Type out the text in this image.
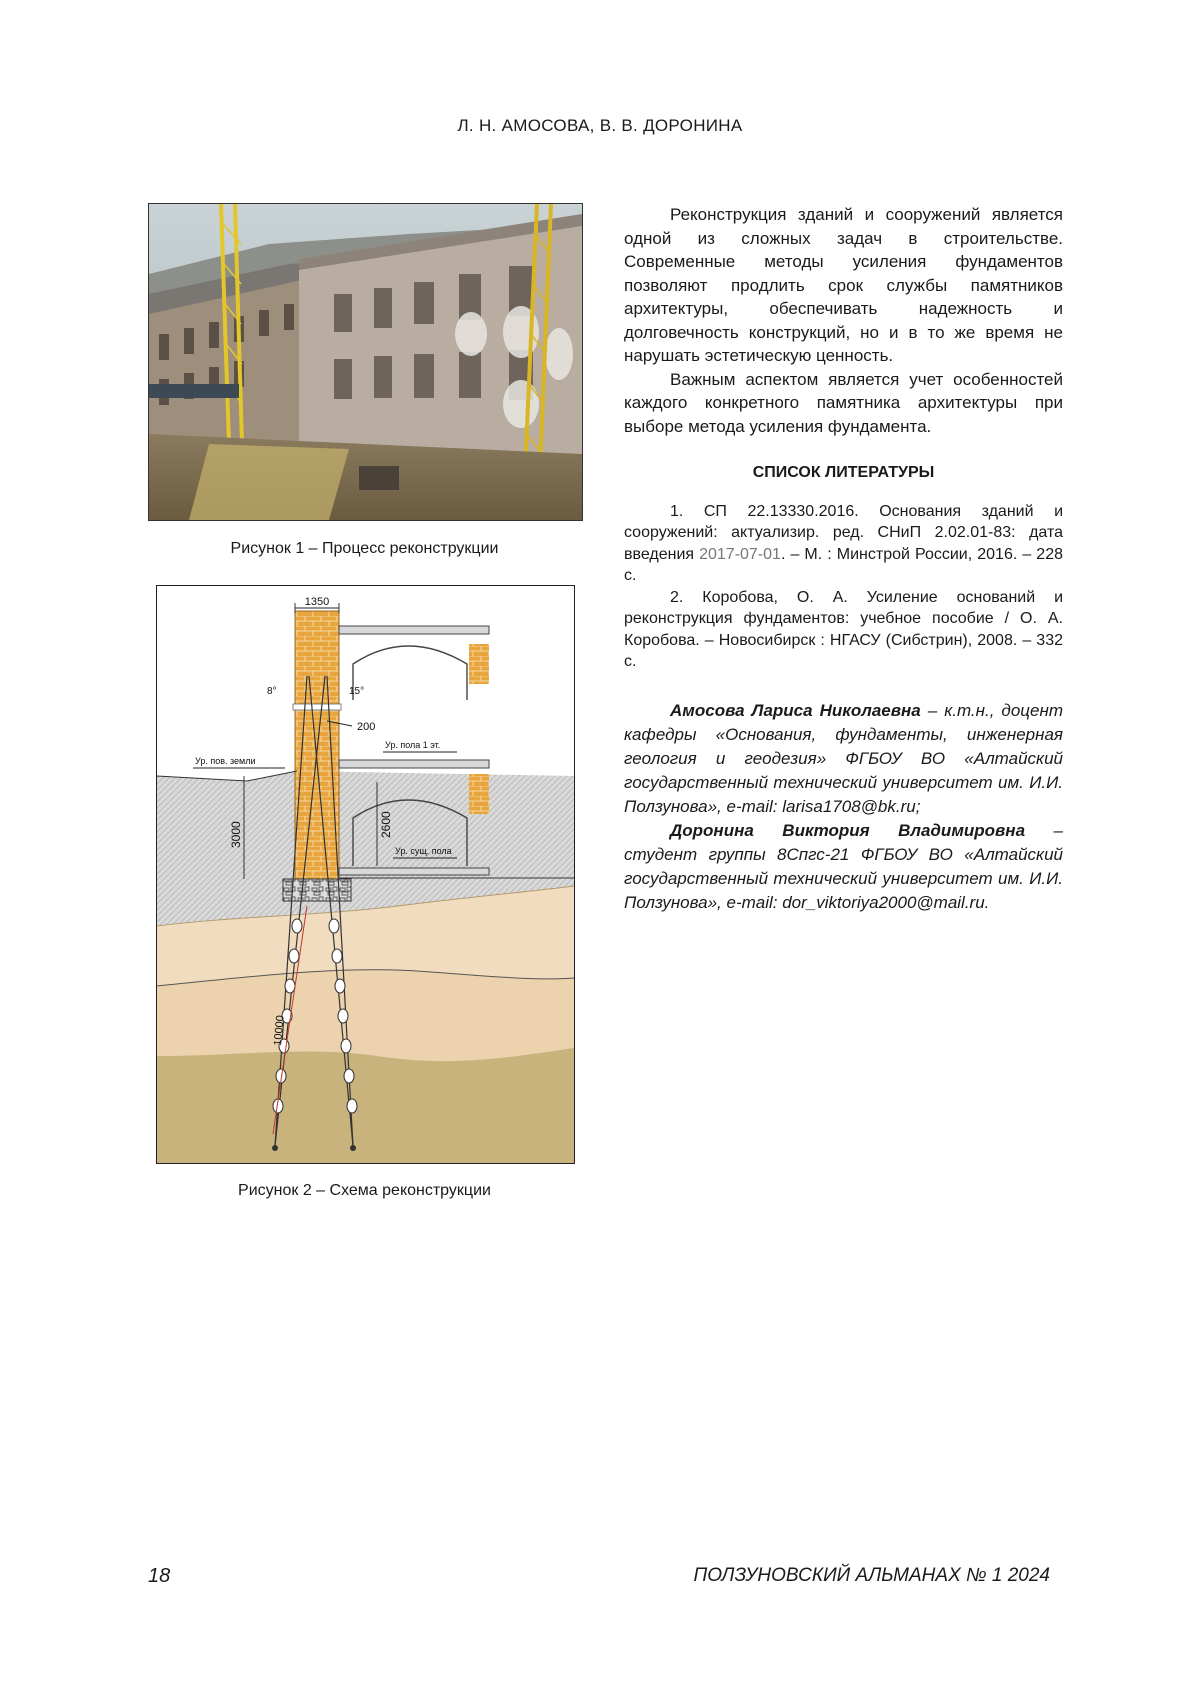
Л. Н. АМОСОВА, В. В. ДОРОНИНА
Рисунок 1 – Процесс реконструкции
1350
200
Ур. пов. земли
Ур. пола 1 эт.
Ур. сущ. пола
3000	2600
10000
8°	15°
Рисунок 2 – Схема реконструкции

Реконструкция зданий и сооружений является одной из сложных задач в строительстве. Современные методы усиления фундаментов позволяют продлить срок службы памятников архитектуры, обеспечивать надежность и долговечность конструкций, но и в то же время не нарушать эстетическую ценность.

Важным аспектом является учет особенностей каждого конкретного памятника архитектуры при выборе метода усиления фундамента.

СПИСОК ЛИТЕРАТУРЫ

1. СП 22.13330.2016. Основания зданий и сооружений: актуализир. ред. СНиП 2.02.01-83: дата введения 2017-07-01. – М. : Минстрой России, 2016. – 228 с.

2. Коробова, О. А. Усиление оснований и реконструкция фундаментов: учебное пособие / О. А. Коробова. – Новосибирск : НГАСУ (Сибстрин), 2008. – 332 с.

Амосова Лариса Николаевна – к.т.н., доцент кафедры «Основания, фундаменты, инженерная геология и геодезия» ФГБОУ ВО «Алтайский государственный технический университет им. И.И. Ползунова», e-mail: larisa1708@bk.ru;

Доронина Виктория Владимировна – студент группы 8Спгс-21 ФГБОУ ВО «Алтайский государственный технический университет им. И.И. Ползунова», e-mail: dor_viktoriya2000@mail.ru.

18	ПОЛЗУНОВСКИЙ АЛЬМАНАХ № 1 2024
